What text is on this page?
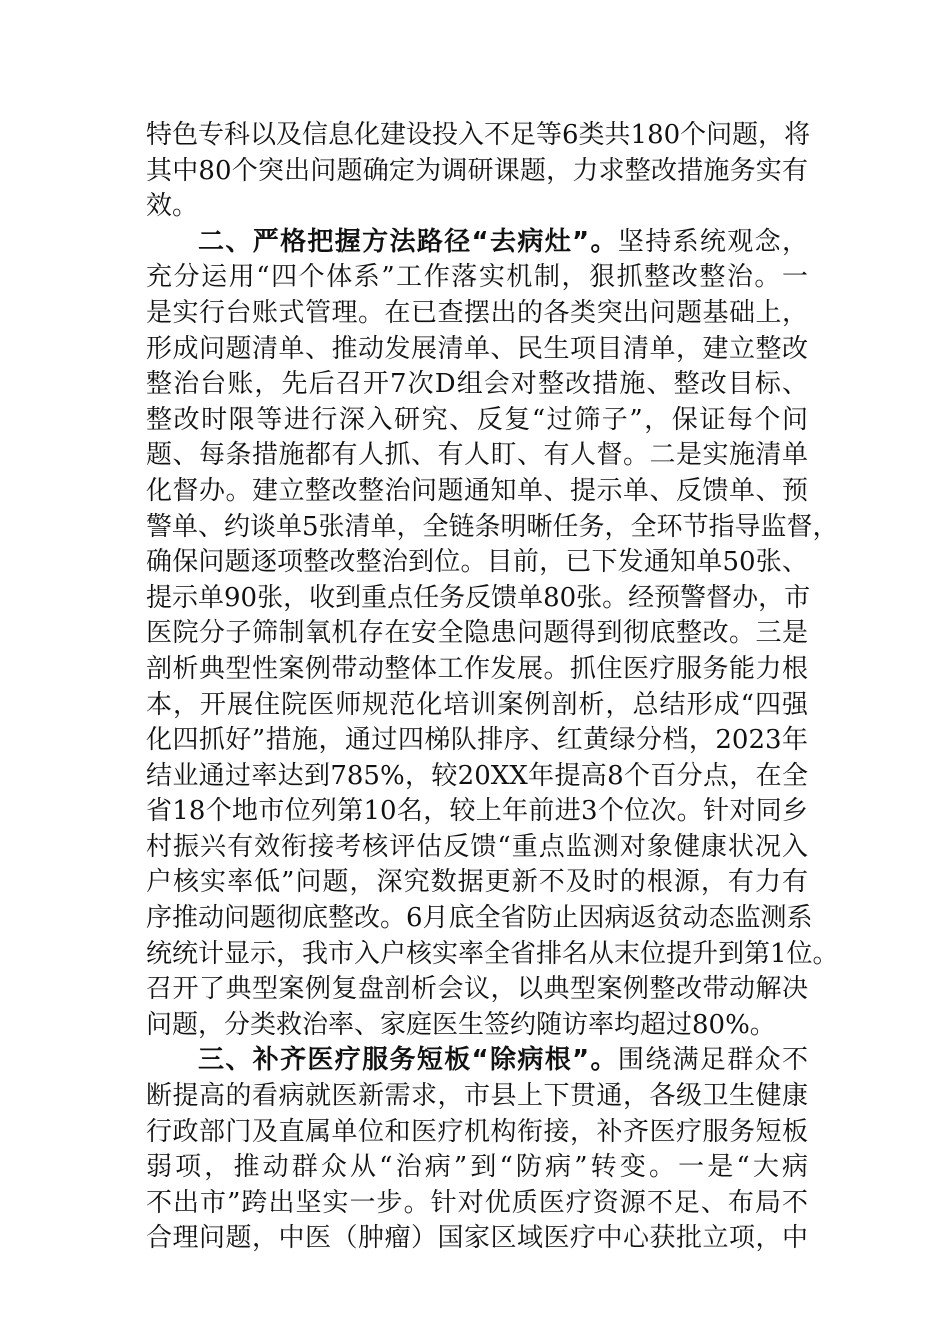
特色专科以及信息化建设投入不足等6类共180个问题，将
其中80个突出问题确定为调研课题，力求整改措施务实有
效。
二、严格把握方法路径“去病灶”。坚持系统观念，
充分运用“四个体系”工作落实机制，狠抓整改整治。一
是实行台账式管理。在已查摆出的各类突出问题基础上，
形成问题清单、推动发展清单、民生项目清单，建立整改
整治台账，先后召开7次D组会对整改措施、整改目标、
整改时限等进行深入研究、反复“过筛子”，保证每个问
题、每条措施都有人抓、有人盯、有人督。二是实施清单
化督办。建立整改整治问题通知单、提示单、反馈单、预
警单、约谈单5张清单，全链条明晰任务，全环节指导监督，
确保问题逐项整改整治到位。目前，已下发通知单50张、
提示单90张，收到重点任务反馈单80张。经预警督办，市
医院分子筛制氧机存在安全隐患问题得到彻底整改。三是
剖析典型性案例带动整体工作发展。抓住医疗服务能力根
本，开展住院医师规范化培训案例剖析，总结形成“四强
化四抓好”措施，通过四梯队排序、红黄绿分档，2023年
结业通过率达到785%，较20XX年提高8个百分点，在全
省18个地市位列第10名，较上年前进3个位次。针对同乡
村振兴有效衔接考核评估反馈“重点监测对象健康状况入
户核实率低”问题，深究数据更新不及时的根源，有力有
序推动问题彻底整改。6月底全省防止因病返贫动态监测系
统统计显示，我市入户核实率全省排名从末位提升到第1位。
召开了典型案例复盘剖析会议，以典型案例整改带动解决
问题，分类救治率、家庭医生签约随访率均超过80%。
三、补齐医疗服务短板“除病根”。围绕满足群众不
断提高的看病就医新需求，市县上下贯通，各级卫生健康
行政部门及直属单位和医疗机构衔接，补齐医疗服务短板
弱项，推动群众从“治病”到“防病”转变。一是“大病
不出市”跨出坚实一步。针对优质医疗资源不足、布局不
合理问题，中医（肿瘤）国家区域医疗中心获批立项，中
